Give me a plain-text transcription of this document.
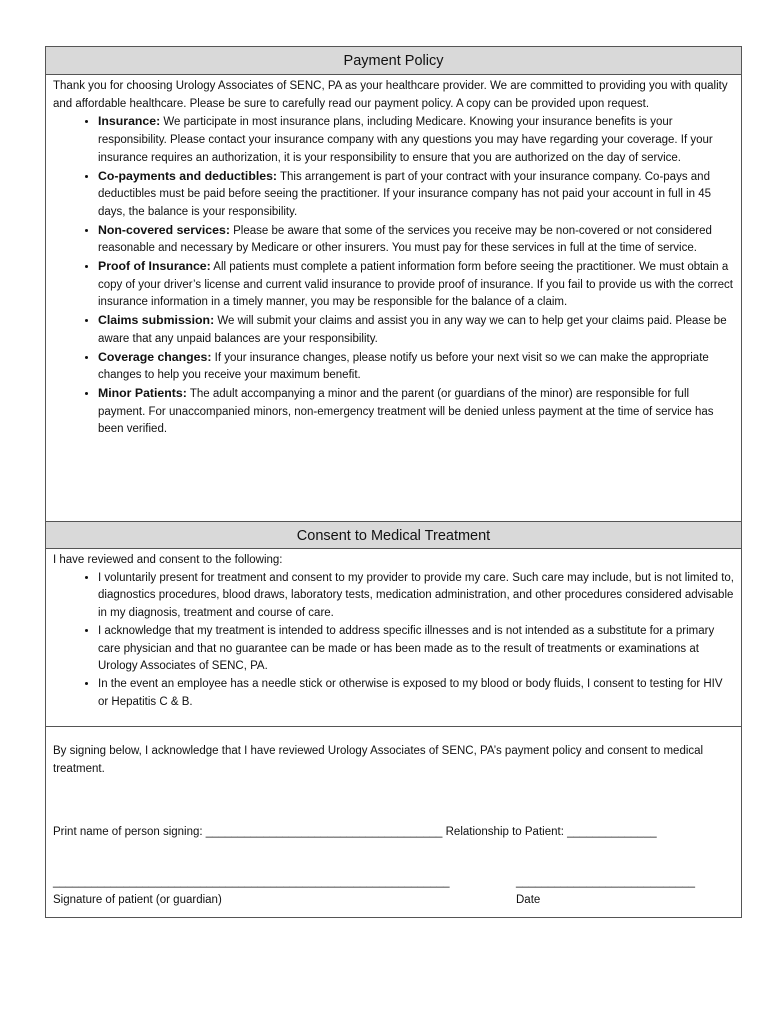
Payment Policy

Thank you for choosing Urology Associates of SENC, PA as your healthcare provider. We are committed to providing you with quality and affordable healthcare. Please be sure to carefully read our payment policy. A copy can be provided upon request.

• Insurance: We participate in most insurance plans, including Medicare. Knowing your insurance benefits is your responsibility. Please contact your insurance company with any questions you may have regarding your coverage. If your insurance requires an authorization, it is your responsibility to ensure that you are authorized on the day of service.
• Co-payments and deductibles: This arrangement is part of your contract with your insurance company. Co-pays and deductibles must be paid before seeing the practitioner. If your insurance company has not paid your account in full in 45 days, the balance is your responsibility.
• Non-covered services: Please be aware that some of the services you receive may be non-covered or not considered reasonable and necessary by Medicare or other insurers. You must pay for these services in full at the time of service.
• Proof of Insurance: All patients must complete a patient information form before seeing the practitioner. We must obtain a copy of your driver’s license and current valid insurance to provide proof of insurance. If you fail to provide us with the correct insurance information in a timely manner, you may be responsible for the balance of a claim.
• Claims submission: We will submit your claims and assist you in any way we can to help get your claims paid. Please be aware that any unpaid balances are your responsibility.
• Coverage changes: If your insurance changes, please notify us before your next visit so we can make the appropriate changes to help you receive your maximum benefit.
• Minor Patients: The adult accompanying a minor and the parent (or guardians of the minor) are responsible for full payment. For unaccompanied minors, non-emergency treatment will be denied unless payment at the time of service has been verified.
Consent to Medical Treatment

I have reviewed and consent to the following:

• I voluntarily present for treatment and consent to my provider to provide my care. Such care may include, but is not limited to, diagnostics procedures, blood draws, laboratory tests, medication administration, and other procedures considered advisable in my diagnosis, treatment and course of care.
• I acknowledge that my treatment is intended to address specific illnesses and is not intended as a substitute for a primary care physician and that no guarantee can be made or has been made as to the result of treatments or examinations at Urology Associates of SENC, PA.
• In the event an employee has a needle stick or otherwise is exposed to my blood or body fluids, I consent to testing for HIV or Hepatitis C & B.

By signing below, I acknowledge that I have reviewed Urology Associates of SENC, PA’s payment policy and consent to medical treatment.

Print name of person signing: _____________________________________ Relationship to Patient: ______________
______________________________________________________________	____________________________
Signature of patient (or guardian)	Date
